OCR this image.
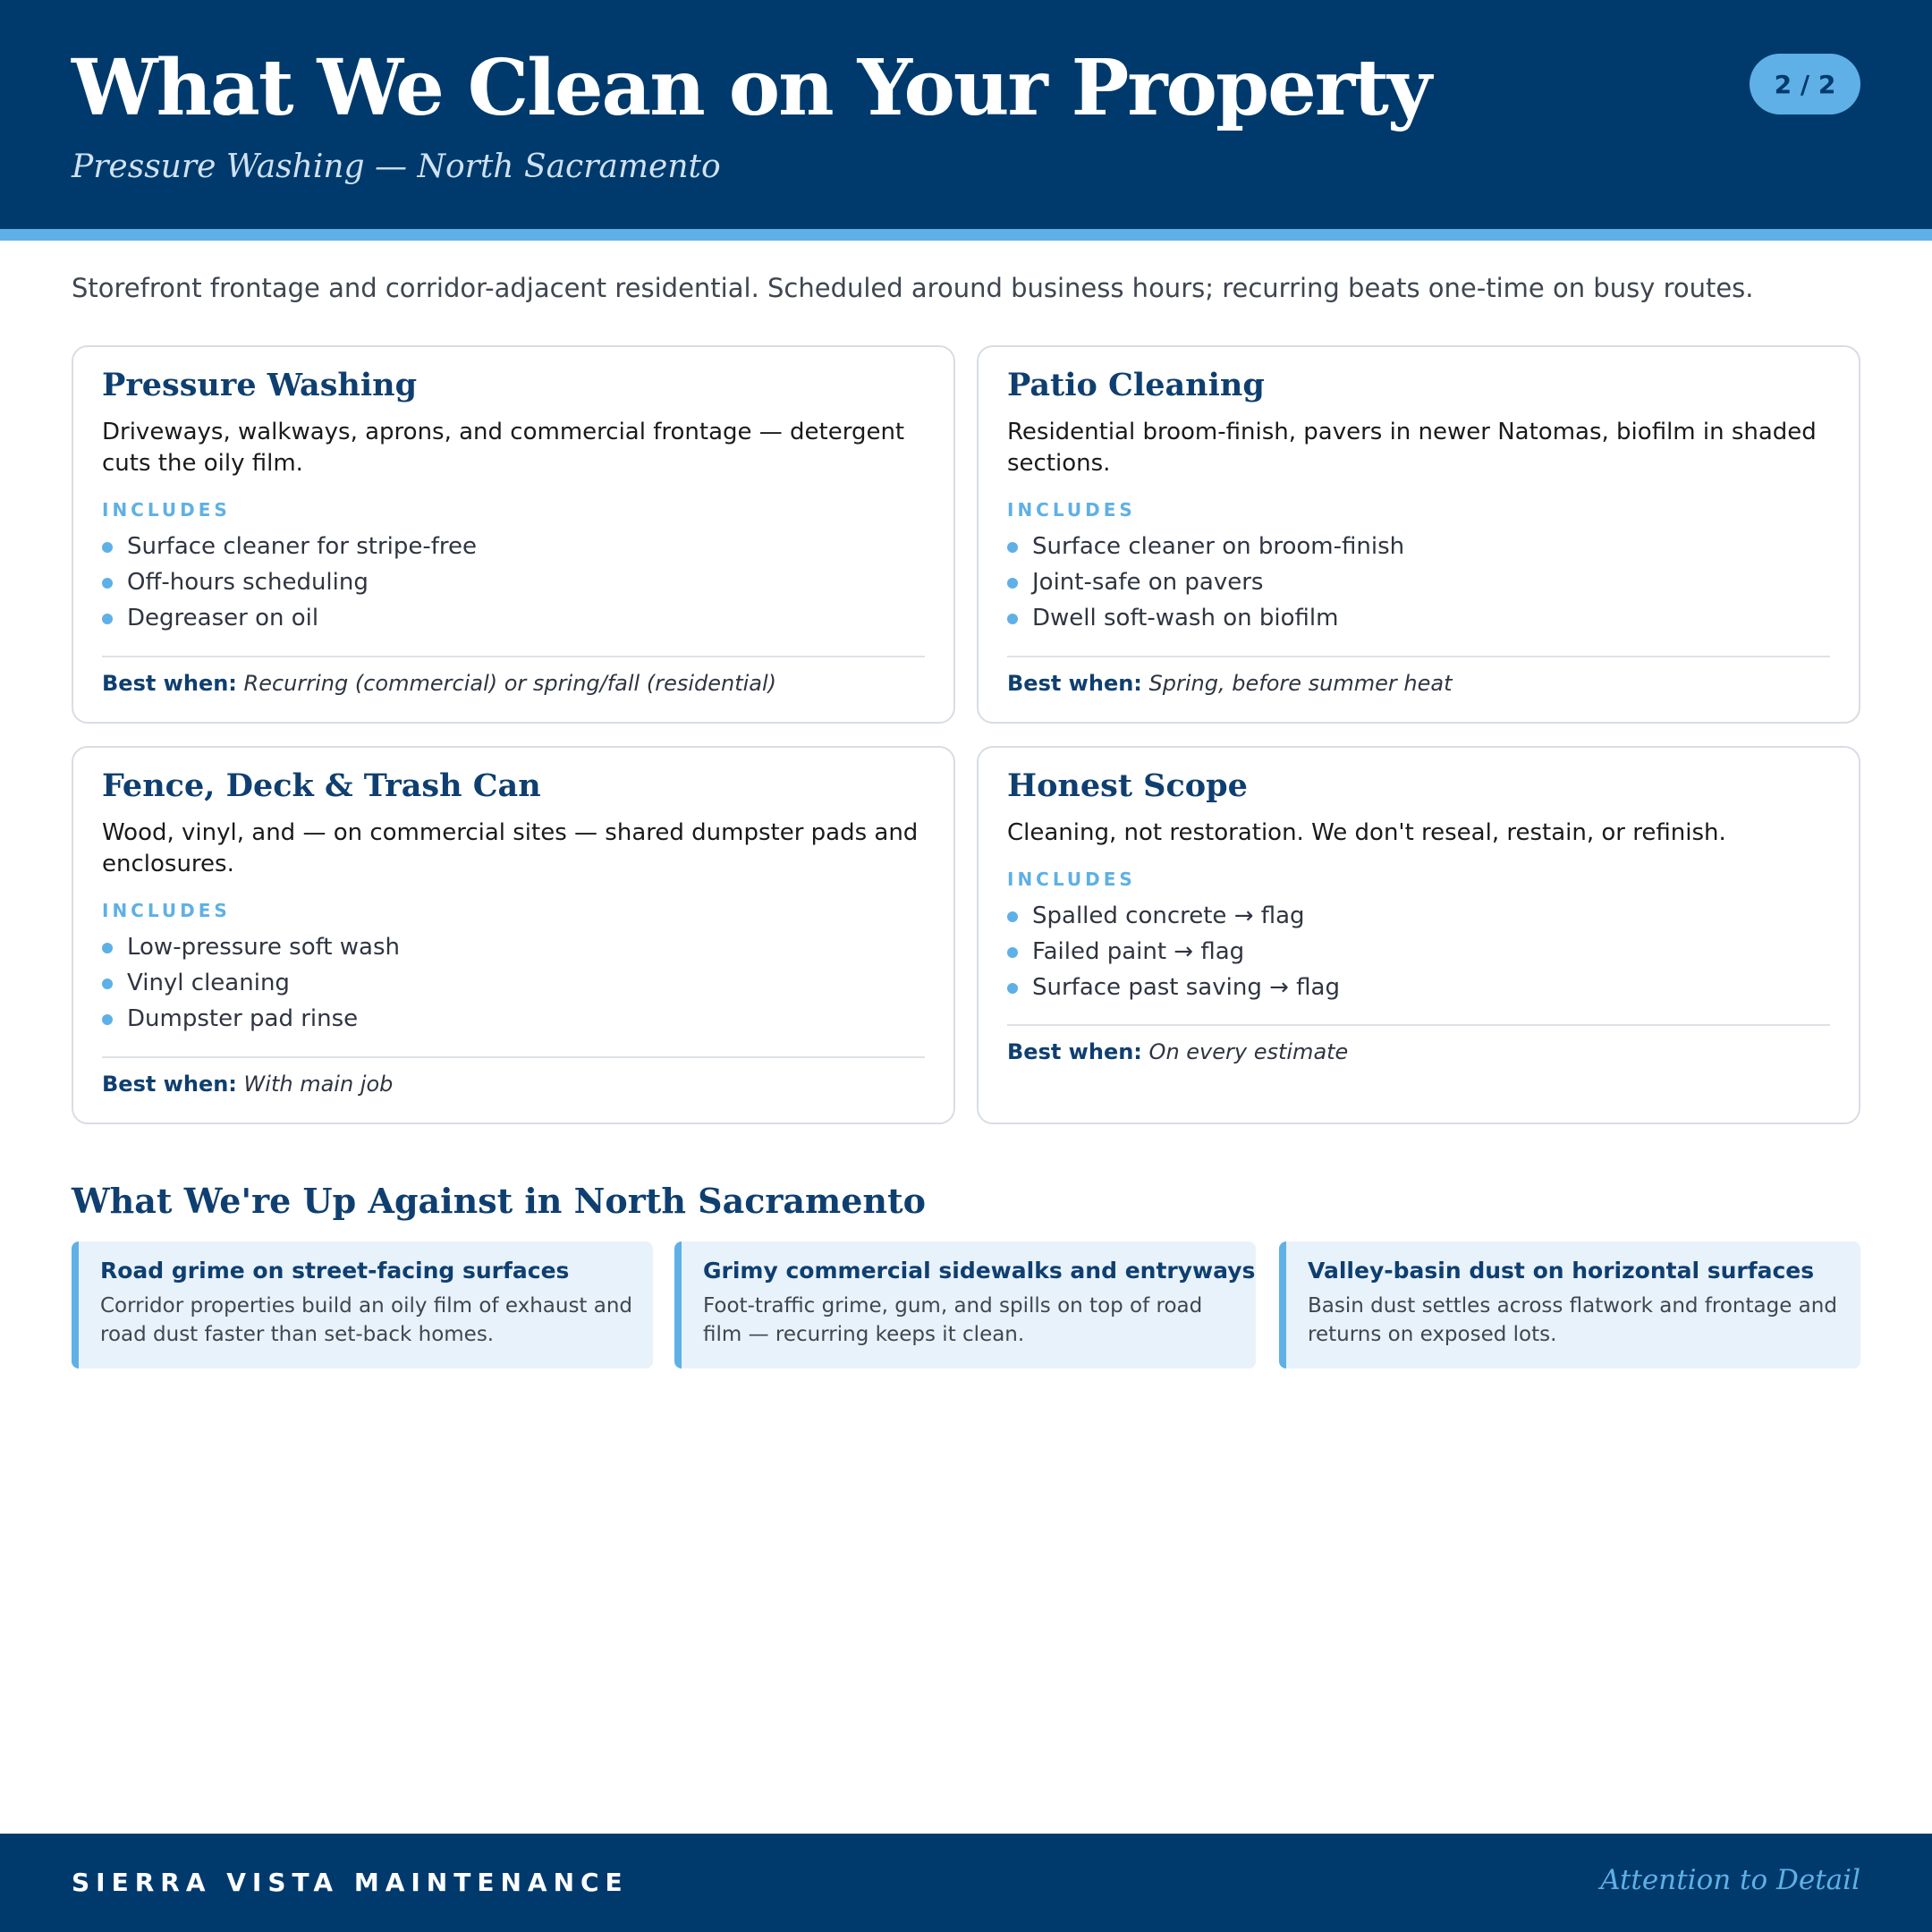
What We Clean on Your Property
Pressure Washing — North Sacramento
2 / 2

Storefront frontage and corridor-adjacent residential. Scheduled around business hours; recurring beats one-time on busy routes.

Pressure Washing

Driveways, walkways, aprons, and commercial frontage — detergent cuts the oily film.

INCLUDES
Surface cleaner for stripe-free
Off-hours scheduling
Degreaser on oil
Best when: Recurring (commercial) or spring/fall (residential)
Patio Cleaning

Residential broom-finish, pavers in newer Natomas, biofilm in shaded sections.

INCLUDES
Surface cleaner on broom-finish
Joint-safe on pavers
Dwell soft-wash on biofilm
Best when: Spring, before summer heat
Fence, Deck & Trash Can

Wood, vinyl, and — on commercial sites — shared dumpster pads and enclosures.

INCLUDES
Low-pressure soft wash
Vinyl cleaning
Dumpster pad rinse
Best when: With main job
Honest Scope

Cleaning, not restoration. We don't reseal, restain, or refinish.

INCLUDES
Spalled concrete → flag
Failed paint → flag
Surface past saving → flag
Best when: On every estimate
What We're Up Against in North Sacramento
Road grime on street-facing surfaces

Corridor properties build an oily film of exhaust and road dust faster than set-back homes.

Grimy commercial sidewalks and entryways

Foot-traffic grime, gum, and spills on top of road film — recurring keeps it clean.

Valley-basin dust on horizontal surfaces

Basin dust settles across flatwork and frontage and returns on exposed lots.

SIERRA VISTA MAINTENANCE	Attention to Detail
